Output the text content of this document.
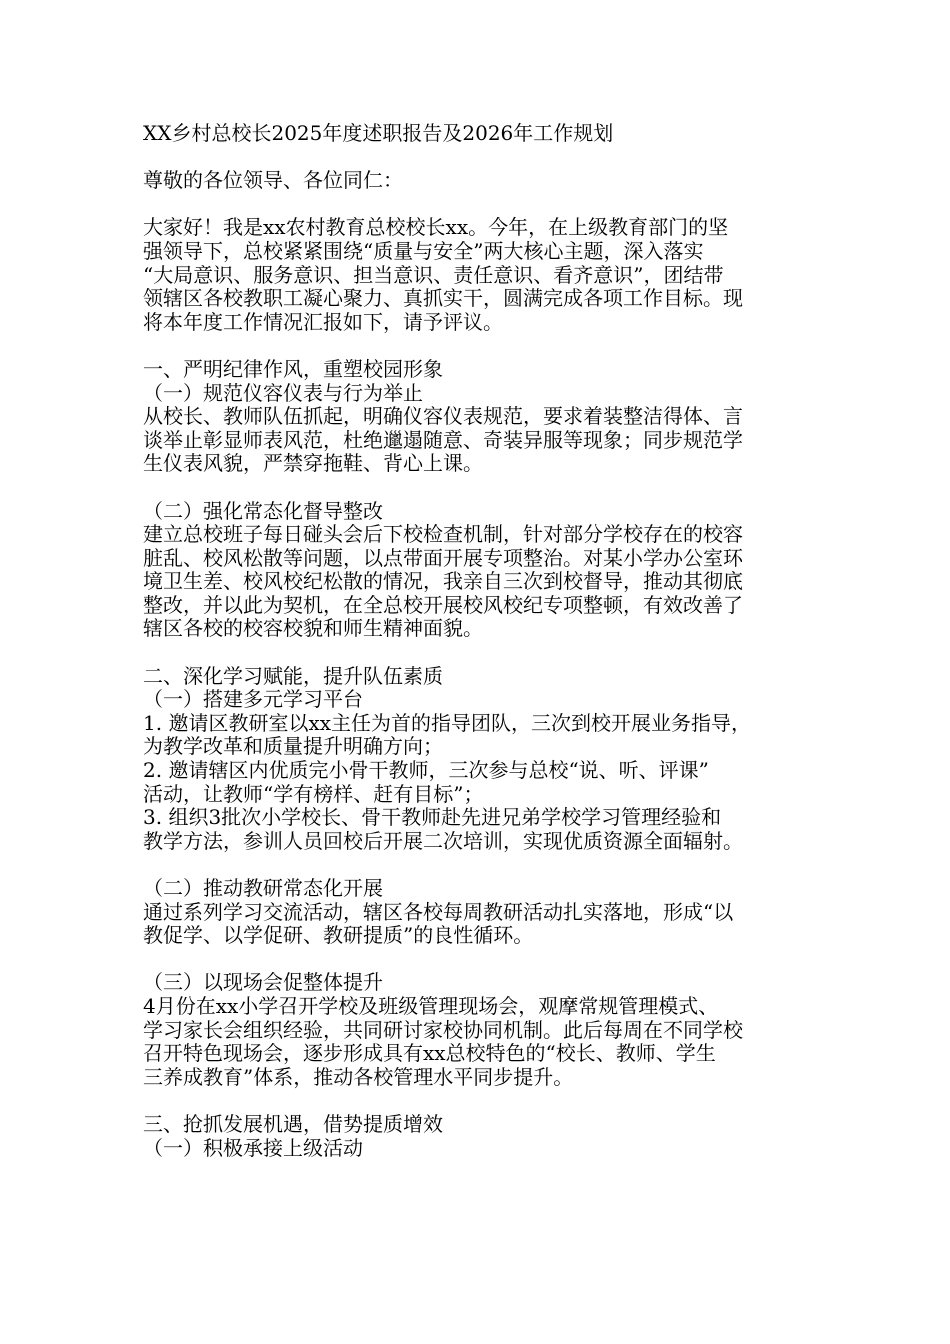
XX乡村总校长2025年度述职报告及2026年工作规划
尊敬的各位领导、各位同仁：
大家好！我是xx农村教育总校校长xx。今年，在上级教育部门的坚
强领导下，总校紧紧围绕“质量与安全”两大核心主题，深入落实
“大局意识、服务意识、担当意识、责任意识、看齐意识”，团结带
领辖区各校教职工凝心聚力、真抓实干，圆满完成各项工作目标。现
将本年度工作情况汇报如下，请予评议。
一、严明纪律作风，重塑校园形象
（一）规范仪容仪表与行为举止
从校长、教师队伍抓起，明确仪容仪表规范，要求着装整洁得体、言
谈举止彰显师表风范，杜绝邋遢随意、奇装异服等现象；同步规范学
生仪表风貌，严禁穿拖鞋、背心上课。
（二）强化常态化督导整改
建立总校班子每日碰头会后下校检查机制，针对部分学校存在的校容
脏乱、校风松散等问题，以点带面开展专项整治。对某小学办公室环
境卫生差、校风校纪松散的情况，我亲自三次到校督导，推动其彻底
整改，并以此为契机，在全总校开展校风校纪专项整顿，有效改善了
辖区各校的校容校貌和师生精神面貌。
二、深化学习赋能，提升队伍素质
（一）搭建多元学习平台
1. 邀请区教研室以xx主任为首的指导团队，三次到校开展业务指导，
为教学改革和质量提升明确方向；
2. 邀请辖区内优质完小骨干教师，三次参与总校“说、听、评课”
活动，让教师“学有榜样、赶有目标”；
3. 组织3批次小学校长、骨干教师赴先进兄弟学校学习管理经验和
教学方法，参训人员回校后开展二次培训，实现优质资源全面辐射。
（二）推动教研常态化开展
通过系列学习交流活动，辖区各校每周教研活动扎实落地，形成“以
教促学、以学促研、教研提质”的良性循环。
（三）以现场会促整体提升
4月份在xx小学召开学校及班级管理现场会，观摩常规管理模式、
学习家长会组织经验，共同研讨家校协同机制。此后每周在不同学校
召开特色现场会，逐步形成具有xx总校特色的“校长、教师、学生
三养成教育”体系，推动各校管理水平同步提升。
三、抢抓发展机遇，借势提质增效
（一）积极承接上级活动
